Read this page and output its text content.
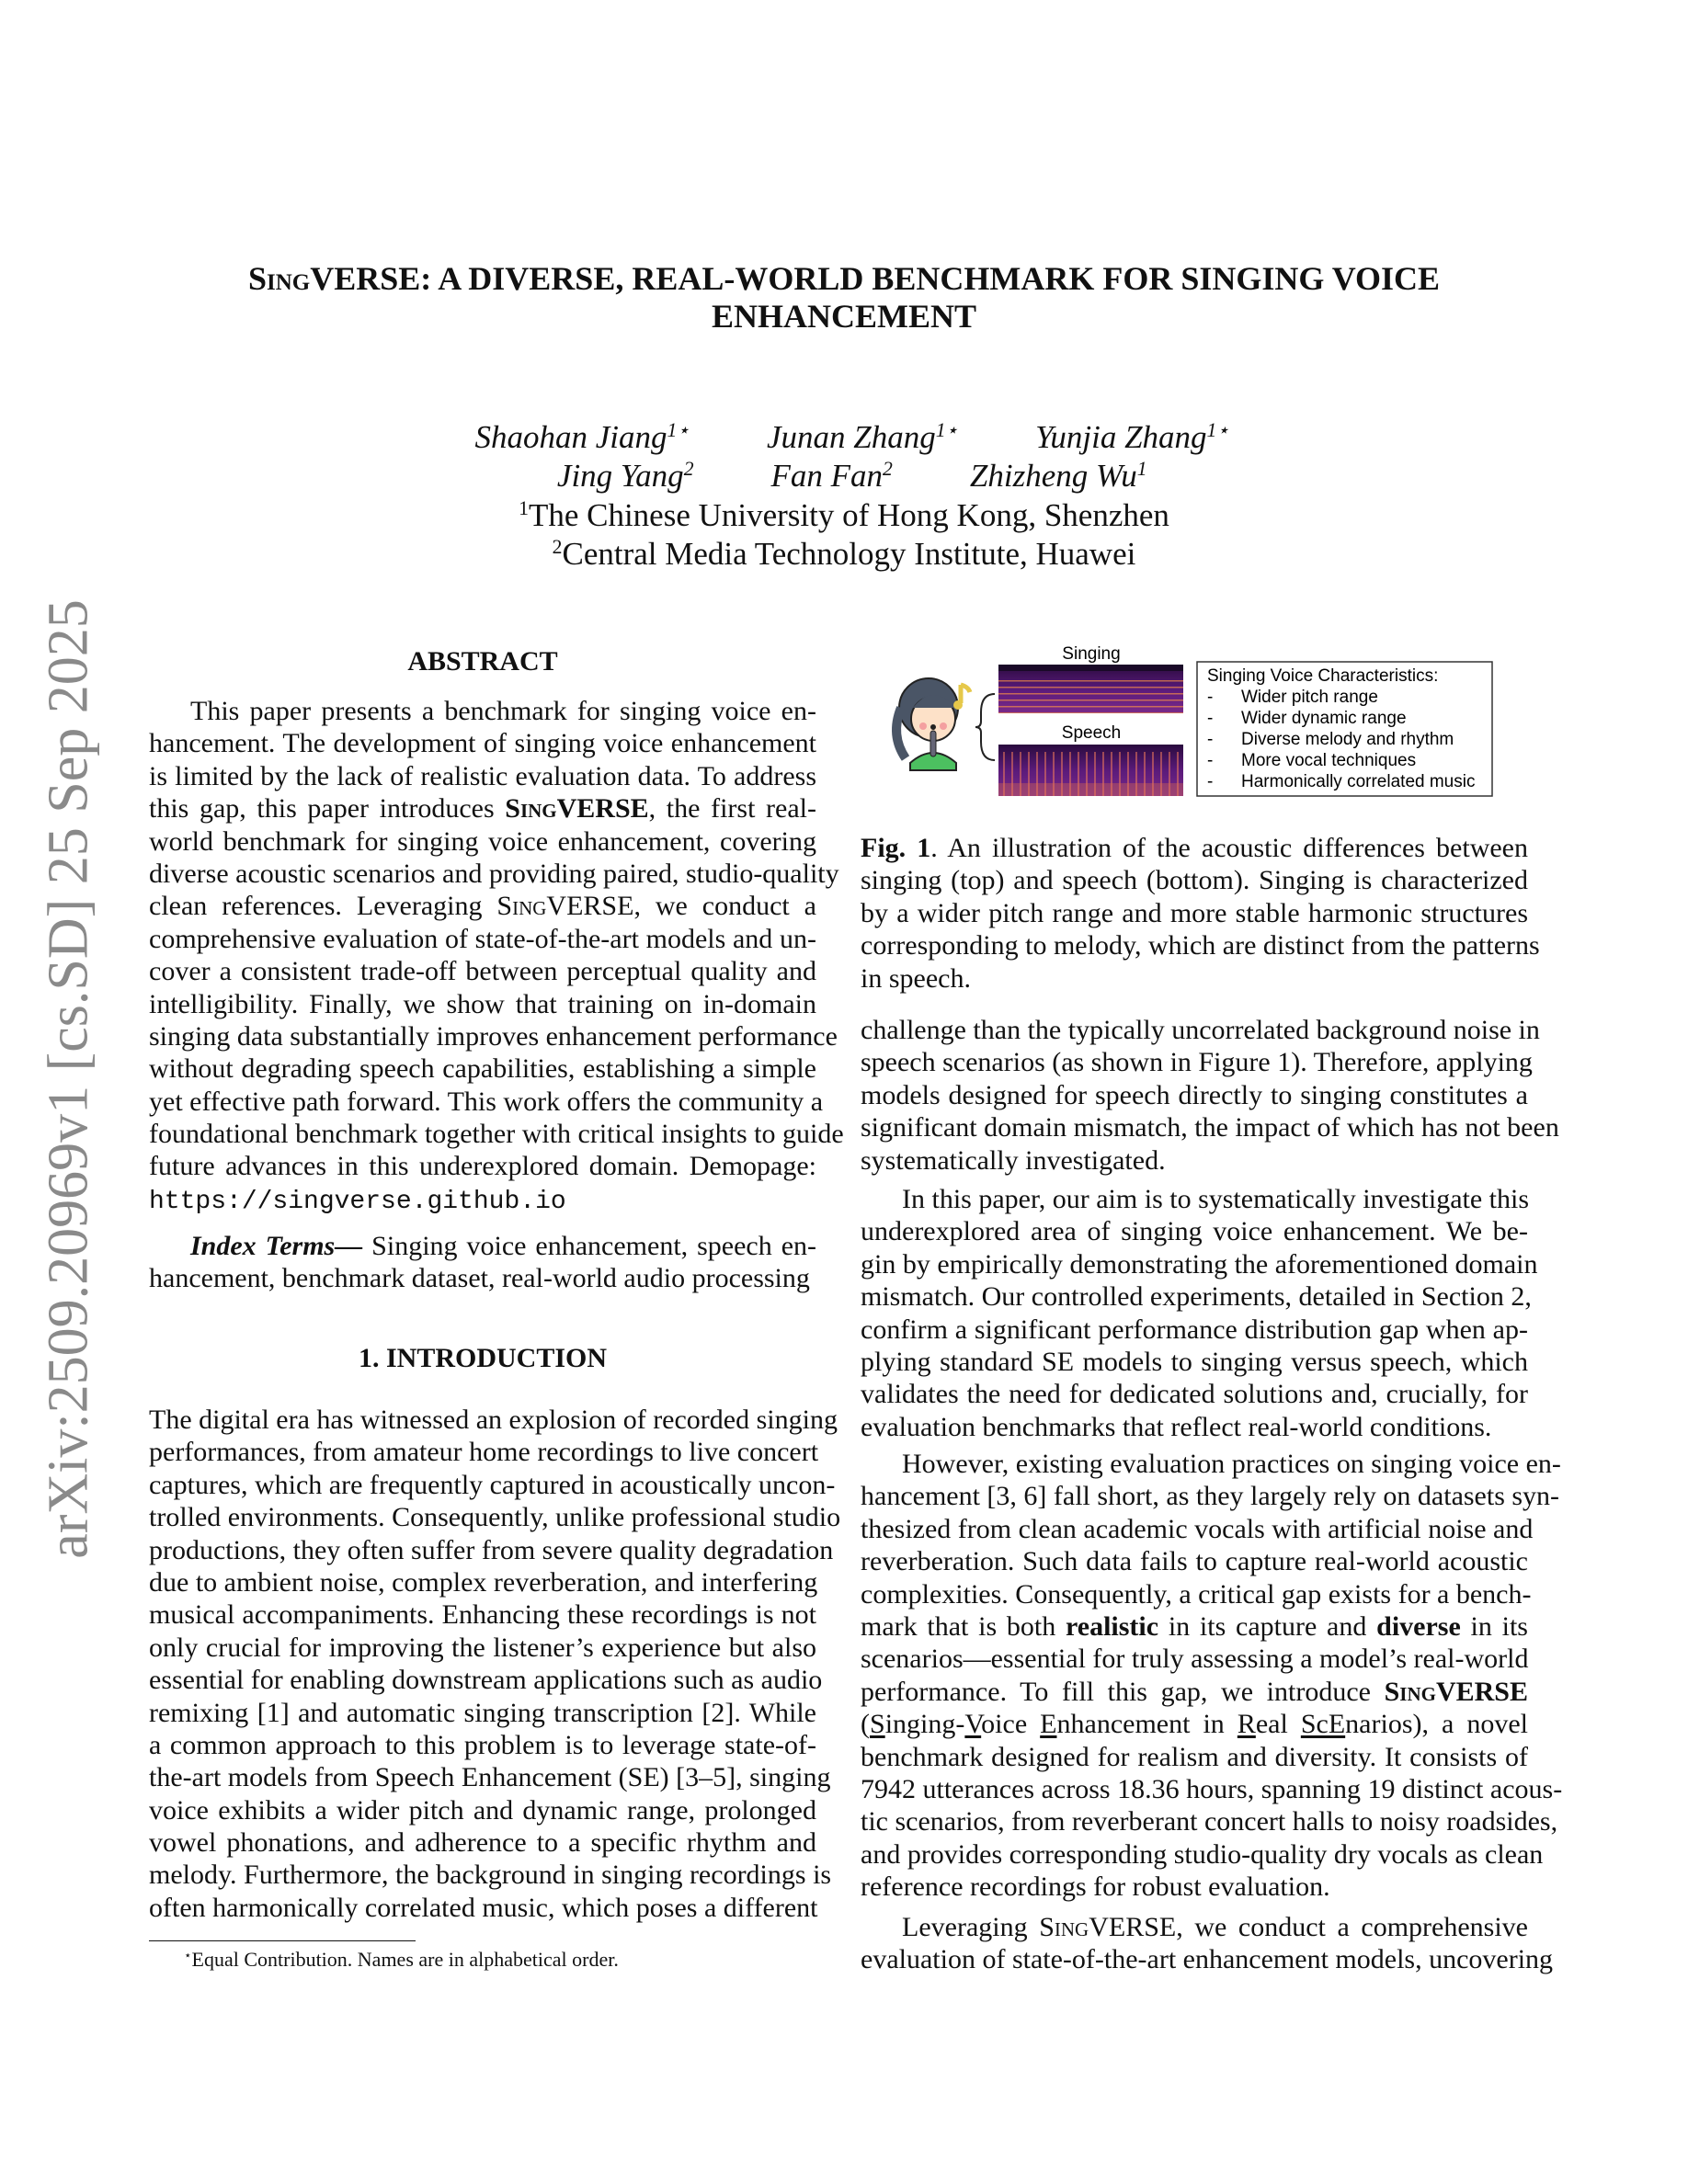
arXiv:2509.20969v1 [cs.SD] 25 Sep 2025
SingVERSE: A DIVERSE, REAL-WORLD BENCHMARK FOR SINGING VOICE
ENHANCEMENT

Shaohan Jiang$^{1⋆}$ Junan Zhang$^{1⋆}$ Yunjia Zhang$^{1⋆}$

Jing Yang$^2$ Fan Fan$^2$ Zhizheng Wu$^1$

$^1$The Chinese University of Hong Kong, Shenzhen
$^2$Central Media Technology Institute, Huawei
ABSTRACT
This paper presents a benchmark for singing voice en-
hancement. The development of singing voice enhancement
is limited by the lack of realistic evaluation data. To address
this gap, this paper introduces SingVERSE, the first real-
world benchmark for singing voice enhancement, covering
diverse acoustic scenarios and providing paired, studio-quality
clean references. Leveraging SingVERSE, we conduct a
comprehensive evaluation of state-of-the-art models and un-
cover a consistent trade-off between perceptual quality and
intelligibility. Finally, we show that training on in-domain
singing data substantially improves enhancement performance
without degrading speech capabilities, establishing a simple
yet effective path forward. This work offers the community a
foundational benchmark together with critical insights to guide
future advances in this underexplored domain. Demopage:
https://singverse.github.io
Index Terms— Singing voice enhancement, speech en-
hancement, benchmark dataset, real-world audio processing
1. INTRODUCTION
The digital era has witnessed an explosion of recorded singing
performances, from amateur home recordings to live concert
captures, which are frequently captured in acoustically uncon-
trolled environments. Consequently, unlike professional studio
productions, they often suffer from severe quality degradation
due to ambient noise, complex reverberation, and interfering
musical accompaniments. Enhancing these recordings is not
only crucial for improving the listener’s experience but also
essential for enabling downstream applications such as audio
remixing [1] and automatic singing transcription [2]. While
a common approach to this problem is to leverage state-of-
the-art models from Speech Enhancement (SE) [3–5], singing
voice exhibits a wider pitch and dynamic range, prolonged
vowel phonations, and adherence to a specific rhythm and
melody. Furthermore, the background in singing recordings is
often harmonically correlated music, which poses a different
⋆Equal Contribution. Names are in alphabetical order.
Singing
Speech
Singing Voice Characteristics:
- Wider pitch range
- Wider dynamic range
- Diverse melody and rhythm
- More vocal techniques
- Harmonically correlated music
Fig. 1. An illustration of the acoustic differences between
singing (top) and speech (bottom). Singing is characterized
by a wider pitch range and more stable harmonic structures
corresponding to melody, which are distinct from the patterns
in speech.
challenge than the typically uncorrelated background noise in
speech scenarios (as shown in Figure 1). Therefore, applying
models designed for speech directly to singing constitutes a
significant domain mismatch, the impact of which has not been
systematically investigated.
In this paper, our aim is to systematically investigate this
underexplored area of singing voice enhancement. We be-
gin by empirically demonstrating the aforementioned domain
mismatch. Our controlled experiments, detailed in Section 2,
confirm a significant performance distribution gap when ap-
plying standard SE models to singing versus speech, which
validates the need for dedicated solutions and, crucially, for
evaluation benchmarks that reflect real-world conditions.
However, existing evaluation practices on singing voice en-
hancement [3, 6] fall short, as they largely rely on datasets syn-
thesized from clean academic vocals with artificial noise and
reverberation. Such data fails to capture real-world acoustic
complexities. Consequently, a critical gap exists for a bench-
mark that is both realistic in its capture and diverse in its
scenarios—essential for truly assessing a model’s real-world
performance. To fill this gap, we introduce SingVERSE
(Singing-Voice Enhancement in Real ScEnarios), a novel
benchmark designed for realism and diversity. It consists of
7942 utterances across 18.36 hours, spanning 19 distinct acous-
tic scenarios, from reverberant concert halls to noisy roadsides,
and provides corresponding studio-quality dry vocals as clean
reference recordings for robust evaluation.
Leveraging SingVERSE, we conduct a comprehensive
evaluation of state-of-the-art enhancement models, uncovering
